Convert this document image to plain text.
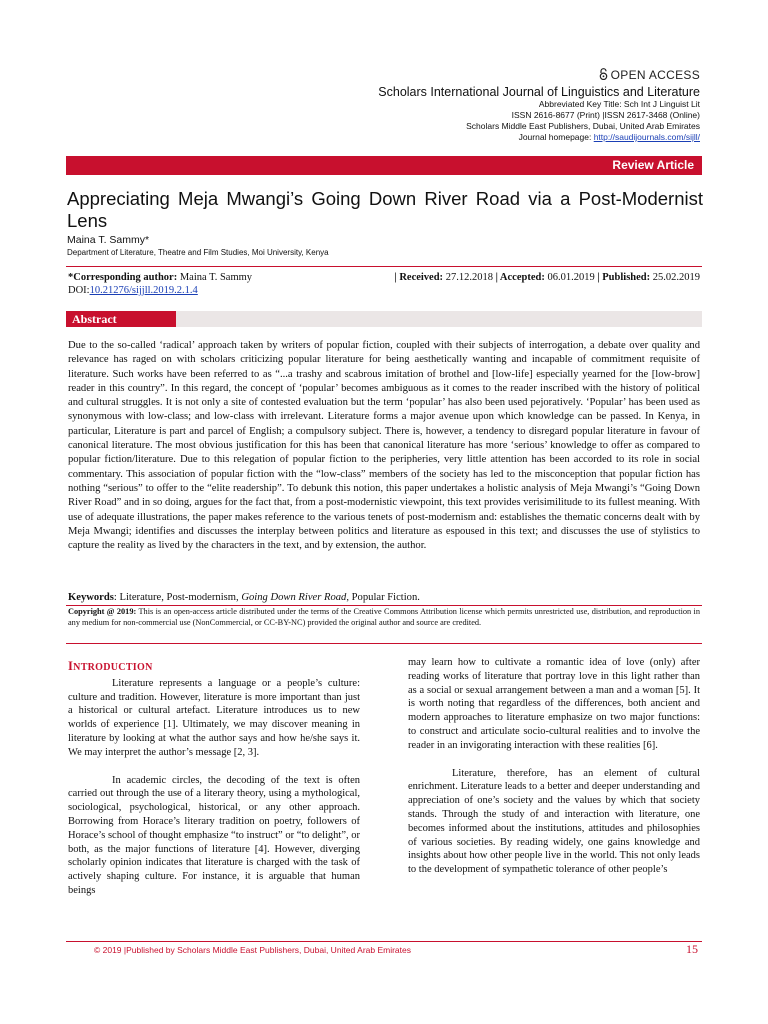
OPEN ACCESS
Scholars International Journal of Linguistics and Literature
Abbreviated Key Title: Sch Int J Linguist Lit
ISSN 2616-8677 (Print) |ISSN 2617-3468 (Online)
Scholars Middle East Publishers, Dubai, United Arab Emirates
Journal homepage: http://saudijournals.com/sijll/
Review Article
Appreciating Meja Mwangi’s Going Down River Road via a Post-Modernist Lens
Maina T. Sammy*
Department of Literature, Theatre and Film Studies, Moi University, Kenya
*Corresponding author: Maina T. Sammy
DOI:10.21276/sijjll.2019.2.1.4
| Received: 27.12.2018 | Accepted: 06.01.2019 | Published: 25.02.2019
Abstract
Due to the so-called ‘radical’ approach taken by writers of popular fiction, coupled with their subjects of interrogation, a debate over quality and relevance has raged on with scholars criticizing popular literature for being aesthetically wanting and incapable of commitment requisite of literature. Such works have been referred to as “...a trashy and scabrous imitation of brothel and [low-life] especially yearned for the [low-brow] reader in this country”. In this regard, the concept of ‘popular’ becomes ambiguous as it comes to the reader inscribed with the history of political and cultural struggles. It is not only a site of contested evaluation but the term ‘popular’ has also been used pejoratively. ‘Popular’ has been used as synonymous with low-class; and low-class with irrelevant. Literature forms a major avenue upon which knowledge can be passed. In Kenya, in particular, Literature is part and parcel of English; a compulsory subject. There is, however, a tendency to disregard popular literature in favour of canonical literature. The most obvious justification for this has been that canonical literature has more ‘serious’ knowledge to offer as compared to popular fiction/literature. Due to this relegation of popular fiction to the peripheries, very little attention has been accorded to its role in social commentary. This association of popular fiction with the “low-class” members of the society has led to the misconception that popular fiction has nothing “serious” to offer to the “elite readership”. To debunk this notion, this paper undertakes a holistic analysis of Meja Mwangi’s “Going Down River Road” and in so doing, argues for the fact that, from a post-modernistic viewpoint, this text provides verisimilitude to its fullest meaning. With use of adequate illustrations, the paper makes reference to the various tenets of post-modernism and: establishes the thematic concerns dealt with by Meja Mwangi; identifies and discusses the interplay between politics and literature as espoused in this text; and discusses the use of stylistics to capture the reality as lived by the characters in the text, and by extension, the author.
Keywords: Literature, Post-modernism, Going Down River Road, Popular Fiction.
Copyright @ 2019: This is an open-access article distributed under the terms of the Creative Commons Attribution license which permits unrestricted use, distribution, and reproduction in any medium for non-commercial use (NonCommercial, or CC-BY-NC) provided the original author and source are credited.
INTRODUCTION

Literature represents a language or a people’s culture: culture and tradition. However, literature is more important than just a historical or cultural artefact. Literature introduces us to new worlds of experience [1]. Ultimately, we may discover meaning in literature by looking at what the author says and how he/she says it. We may interpret the author’s message [2, 3].

In academic circles, the decoding of the text is often carried out through the use of a literary theory, using a mythological, sociological, psychological, historical, or any other approach. Borrowing from Horace’s literary tradition on poetry, followers of Horace’s school of thought emphasize “to instruct” or “to delight”, or both, as the major functions of literature [4]. However, diverging scholarly opinion indicates that literature is charged with the task of actively shaping culture. For instance, it is arguable that human beings

may learn how to cultivate a romantic idea of love (only) after reading works of literature that portray love in this light rather than as a social or sexual arrangement between a man and a woman [5]. It is worth noting that regardless of the differences, both ancient and modern approaches to literature emphasize on two major functions: to construct and articulate socio-cultural realities and to involve the reader in an invigorating interaction with these realities [6].

Literature, therefore, has an element of cultural enrichment. Literature leads to a better and deeper understanding and appreciation of one’s society and the values by which that society stands. Through the study of and interaction with literature, one becomes informed about the institutions, attitudes and philosophies of various societies. By reading widely, one gains knowledge and insights about how other people live in the world. This not only leads to the development of sympathetic tolerance of other people’s

© 2019 |Published by Scholars Middle East Publishers, Dubai, United Arab Emirates	15
